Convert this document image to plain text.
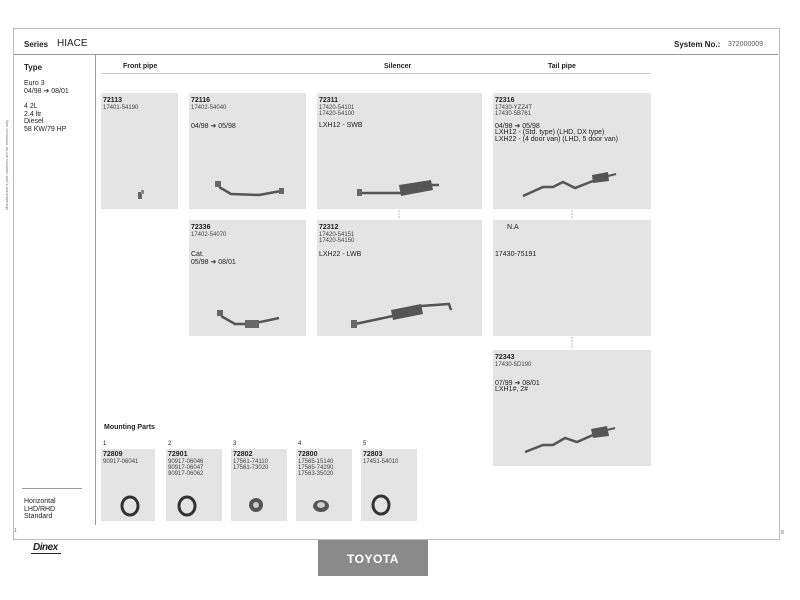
Series HIACE	System No.: 372000009
Type
Euro 3
04/98 ➔ 08/01

4 2L
2.4 ltr
Diesel
58 KW/79 HP
Horizontal
LHD/RHD
Standard
Manufacturer's part numbers are for reference only
Front pipe	Silencer	Tail pipe
72113
17401-54190
72116
17402-54040
04/98 ➔ 05/98
72311
17420-54101
17420-54100
LXH12 - SWB
72316
17430-YZZ4T
17430-5B761
04/98 ➔ 05/98
LXH12 - (Std. type) (LHD, DX type)
LXH22 - (4 door van) (LHD, 5 door van)
72336
17402-54070
Cat.
05/98 ➔ 08/01
72312
17420-54151
17420-54150
LXH22 - LWB
N.A
17430-75191
72343
17430-5D190
07/99 ➔ 08/01
LXH1#, 2#
Mounting Parts
1
72809
90917-06041
2
72901
90917-06046
90917-06047
90917-06062
3
72802
17561-74110
17561-73020
4
72800
17565-15140
17565-74290
17563-35020
5
72803
17451-54010
1	8
Dinex
TOYOTA
